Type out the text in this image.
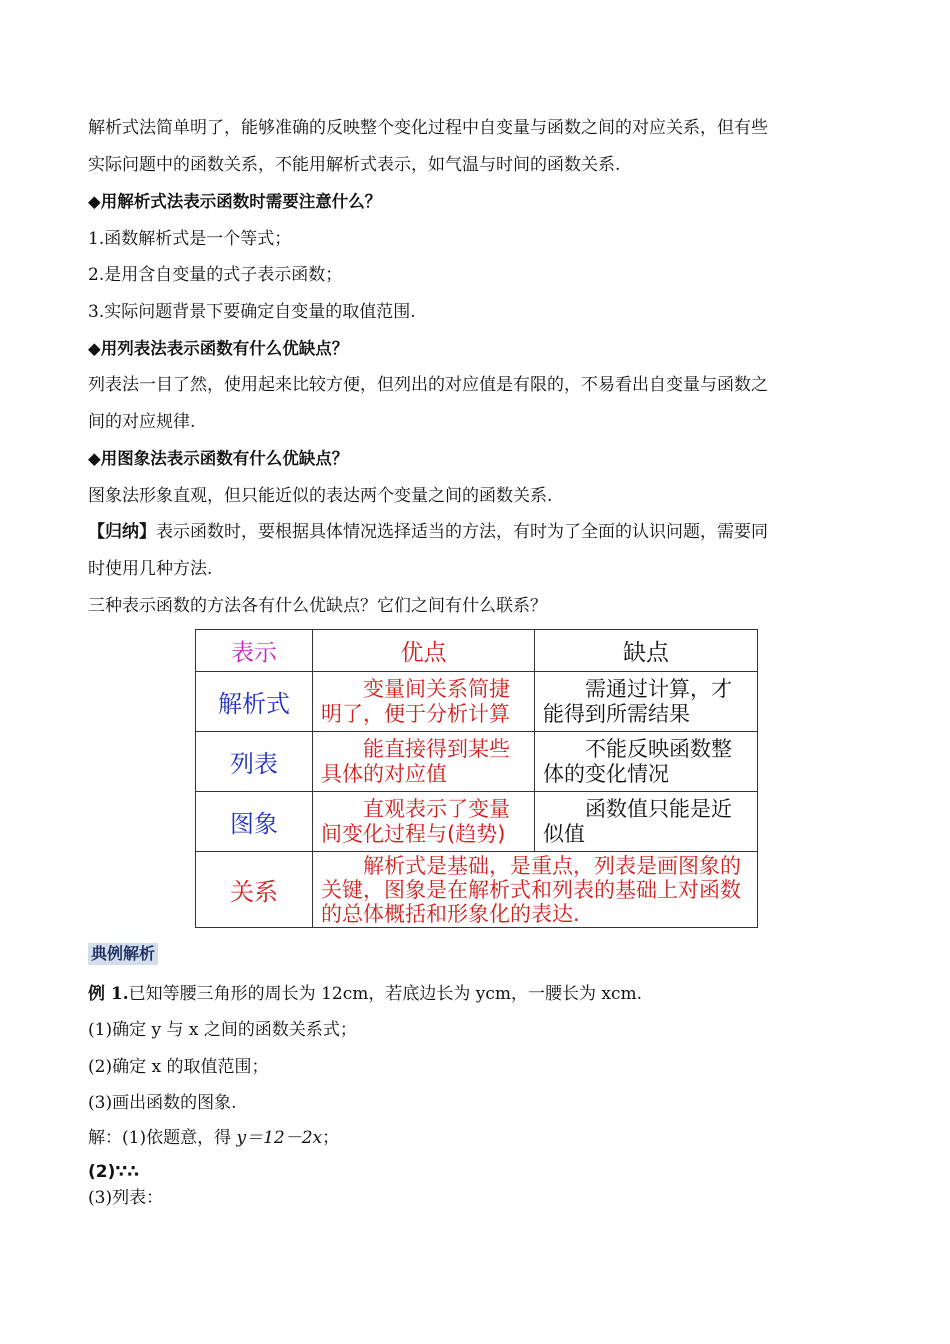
解析式法简单明了，能够准确的反映整个变化过程中自变量与函数之间的对应关系，但有些
实际问题中的函数关系，不能用解析式表示，如气温与时间的函数关系.
◆用解析式法表示函数时需要注意什么？
1.函数解析式是一个等式；
2.是用含自变量的式子表示函数；
3.实际问题背景下要确定自变量的取值范围.
◆用列表法表示函数有什么优缺点？
列表法一目了然，使用起来比较方便，但列出的对应值是有限的，不易看出自变量与函数之
间的对应规律.
◆用图象法表示函数有什么优缺点？
图象法形象直观，但只能近似的表达两个变量之间的函数关系.
【归纳】表示函数时，要根据具体情况选择适当的方法，有时为了全面的认识问题，需要同
时使用几种方法.
三种表示函数的方法各有什么优缺点？它们之间有什么联系？
表示	优点	缺点
解析式	变量间关系简捷明了，便于分析计算	需通过计算，才能得到所需结果

列表	能直接得到某些具体的对应值	不能反映函数整体的变化情况

图象	直观表示了变量间变化过程与(趋势)	函数值只能是近似值

关系	解析式是基础，是重点，列表是画图象的关键，图象是在解析式和列表的基础上对函数的总体概括和形象化的表达.	
典例解析
例 1.已知等腰三角形的周长为 12cm，若底边长为 ycm，一腰长为 xcm.
(1)确定 y 与 x 之间的函数关系式；
(2)确定 x 的取值范围；
(3)画出函数的图象.
解：(1)依题意，得 y＝12－2x；
(2)∵∴
(3)列表：
